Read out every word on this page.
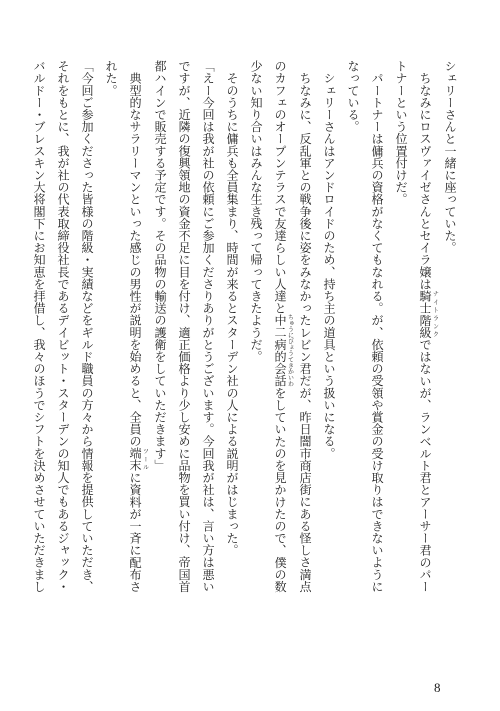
シェリーさんと一緒に座っていた。

　ちなみにロスヴァイゼさんとセイラ嬢は騎士階級 ナイトランクではないが、ランベルト君とアーサー君のパー

トナーという位置付けだ。

　パートナーは傭兵の資格がなくてもなれる。が、依頼の受領や賞金の受け取りはできないように

なっている。

　シェリーさんはアンドロイドのため、持ち主の道具という扱いになる。

　ちなみに、反乱軍との戦争後に姿をみなかったレビン君だが、昨日闇市商店街にある怪しさ満点

のカフェのオープンテラスで友達らしい人達と中二病的会話 ちゅうにびょうてきかいわをしていたのを見かけたので、僕の数

少ない知り合いはみんな生き残って帰ってきたようだ。

　そのうちに傭兵も全員集まり、時間が来るとスターデン社の人による説明がはじまった。

「えー今回は我が社の依頼にご参加くださりありがとうございます。今回我が社は、言い方は悪い

ですが、近隣の復興領地の資金不足に目を付け、適正価格より少し安めに品物を買い付け、帝国首

都ハインで販売する予定です。その品物の輸送の護衛をしていただきます」

　典型的なサラリーマンといった感じの男性が説明を始めると、全員の端末 ツールに資料が一斉に配布さ

れた。

「今回ご参加くださった皆様の階級・実績などをギルド職員の方々から情報を提供していただき、

それをもとに、我が社の代表取締役社長であるデイビット・スターデンの知人でもあるジャック・

バルドー・ブレスキン大将閣下にお知恵を拝借し、我々のほうでシフトを決めさせていただきまし

8
